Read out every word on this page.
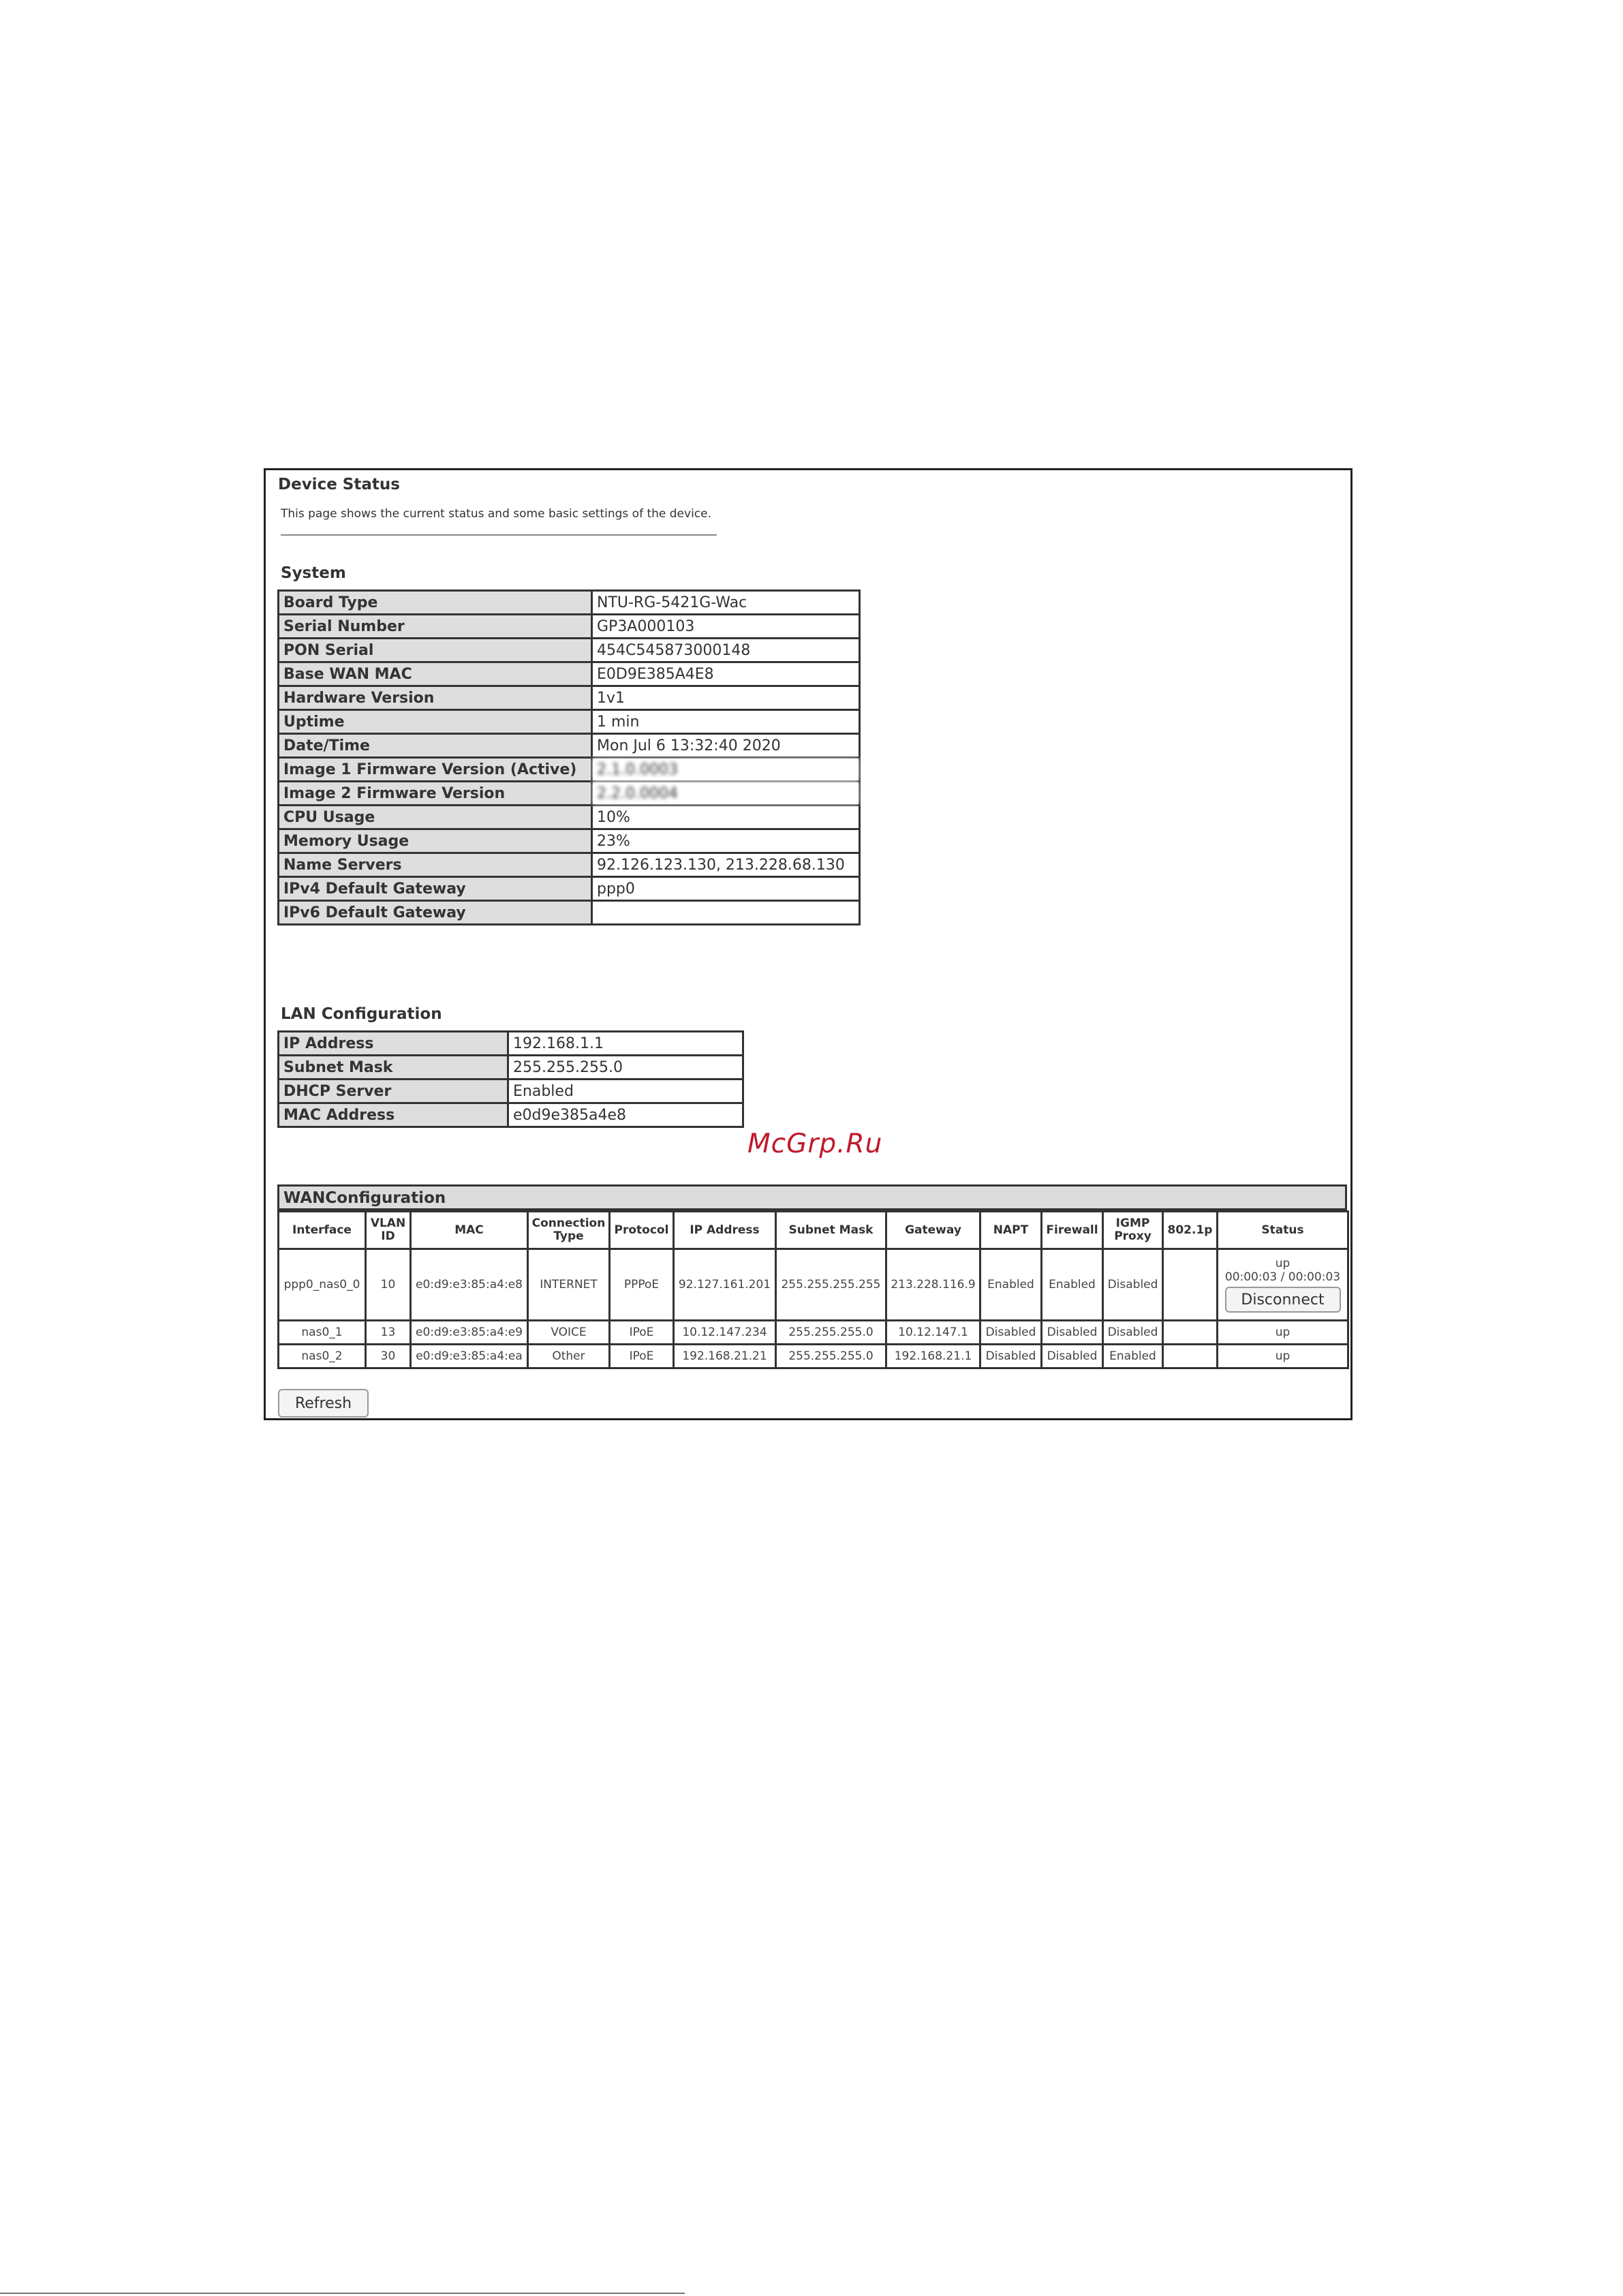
Device Status
This page shows the current status and some basic settings of the device.
System
Board Type	NTU-RG-5421G-Wac
Serial Number	GP3A000103
PON Serial	454C545873000148
Base WAN MAC	E0D9E385A4E8
Hardware Version	1v1
Uptime	1 min
Date/Time	Mon Jul 6 13:32:40 2020
Image 1 Firmware Version (Active)	2.1.0.0003
Image 2 Firmware Version	2.2.0.0004
CPU Usage	10%
Memory Usage	23%
Name Servers	92.126.123.130, 213.228.68.130
IPv4 Default Gateway	ppp0
IPv6 Default Gateway	
LAN Configuration
IP Address	192.168.1.1
Subnet Mask	255.255.255.0
DHCP Server	Enabled
MAC Address	e0d9e385a4e8
WANConfiguration
Interface	VLAN ID	MAC	Connection Type	Protocol	IP Address	Subnet Mask	Gateway	NAPT	Firewall	IGMP Proxy	802.1p	Status
ppp0_nas0_0	10	e0:d9:e3:85:a4:e8	INTERNET	PPPoE	92.127.161.201	255.255.255.255	213.228.116.9	Enabled	Enabled	Disabled		up
00:00:03 / 00:00:03
Disconnect
nas0_1	13	e0:d9:e3:85:a4:e9	VOICE	IPoE	10.12.147.234	255.255.255.0	10.12.147.1	Disabled	Disabled	Disabled		up

nas0_2	30	e0:d9:e3:85:a4:ea	Other	IPoE	192.168.21.21	255.255.255.0	192.168.21.1	Disabled	Disabled	Enabled		up
Refresh
McGrp.Ru
